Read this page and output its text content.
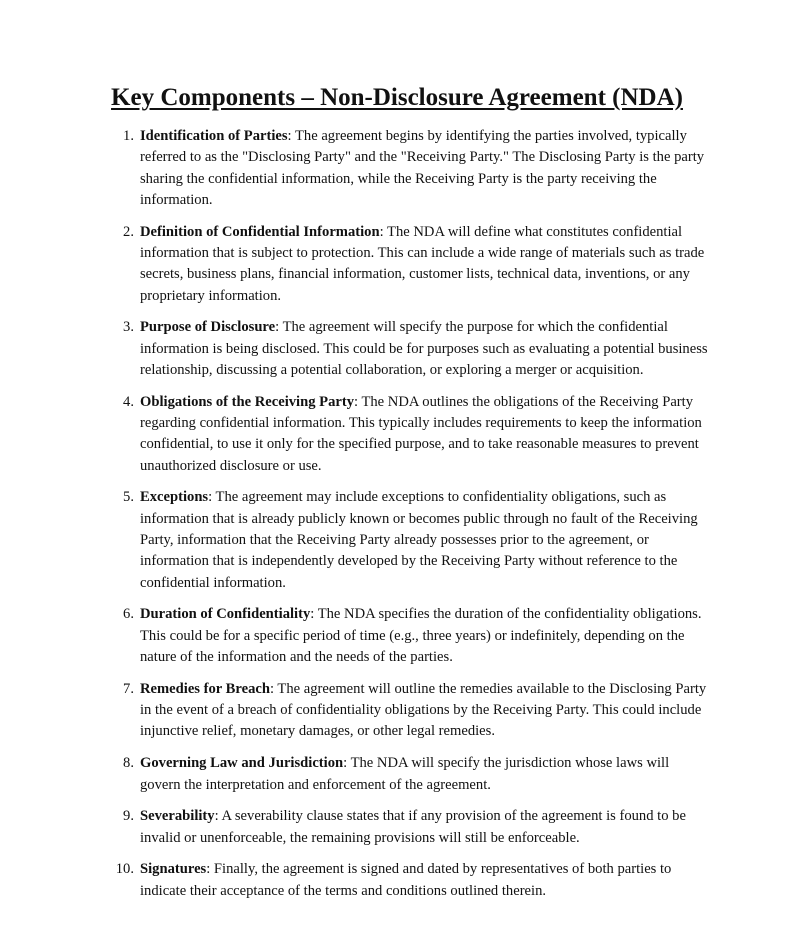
Key Components – Non-Disclosure Agreement (NDA)
1. Identification of Parties: The agreement begins by identifying the parties involved, typically referred to as the "Disclosing Party" and the "Receiving Party." The Disclosing Party is the party sharing the confidential information, while the Receiving Party is the party receiving the information.
2. Definition of Confidential Information: The NDA will define what constitutes confidential information that is subject to protection. This can include a wide range of materials such as trade secrets, business plans, financial information, customer lists, technical data, inventions, or any proprietary information.
3. Purpose of Disclosure: The agreement will specify the purpose for which the confidential information is being disclosed. This could be for purposes such as evaluating a potential business relationship, discussing a potential collaboration, or exploring a merger or acquisition.
4. Obligations of the Receiving Party: The NDA outlines the obligations of the Receiving Party regarding confidential information. This typically includes requirements to keep the information confidential, to use it only for the specified purpose, and to take reasonable measures to prevent unauthorized disclosure or use.
5. Exceptions: The agreement may include exceptions to confidentiality obligations, such as information that is already publicly known or becomes public through no fault of the Receiving Party, information that the Receiving Party already possesses prior to the agreement, or information that is independently developed by the Receiving Party without reference to the confidential information.
6. Duration of Confidentiality: The NDA specifies the duration of the confidentiality obligations. This could be for a specific period of time (e.g., three years) or indefinitely, depending on the nature of the information and the needs of the parties.
7. Remedies for Breach: The agreement will outline the remedies available to the Disclosing Party in the event of a breach of confidentiality obligations by the Receiving Party. This could include injunctive relief, monetary damages, or other legal remedies.
8. Governing Law and Jurisdiction: The NDA will specify the jurisdiction whose laws will govern the interpretation and enforcement of the agreement.
9. Severability: A severability clause states that if any provision of the agreement is found to be invalid or unenforceable, the remaining provisions will still be enforceable.
10. Signatures: Finally, the agreement is signed and dated by representatives of both parties to indicate their acceptance of the terms and conditions outlined therein.
